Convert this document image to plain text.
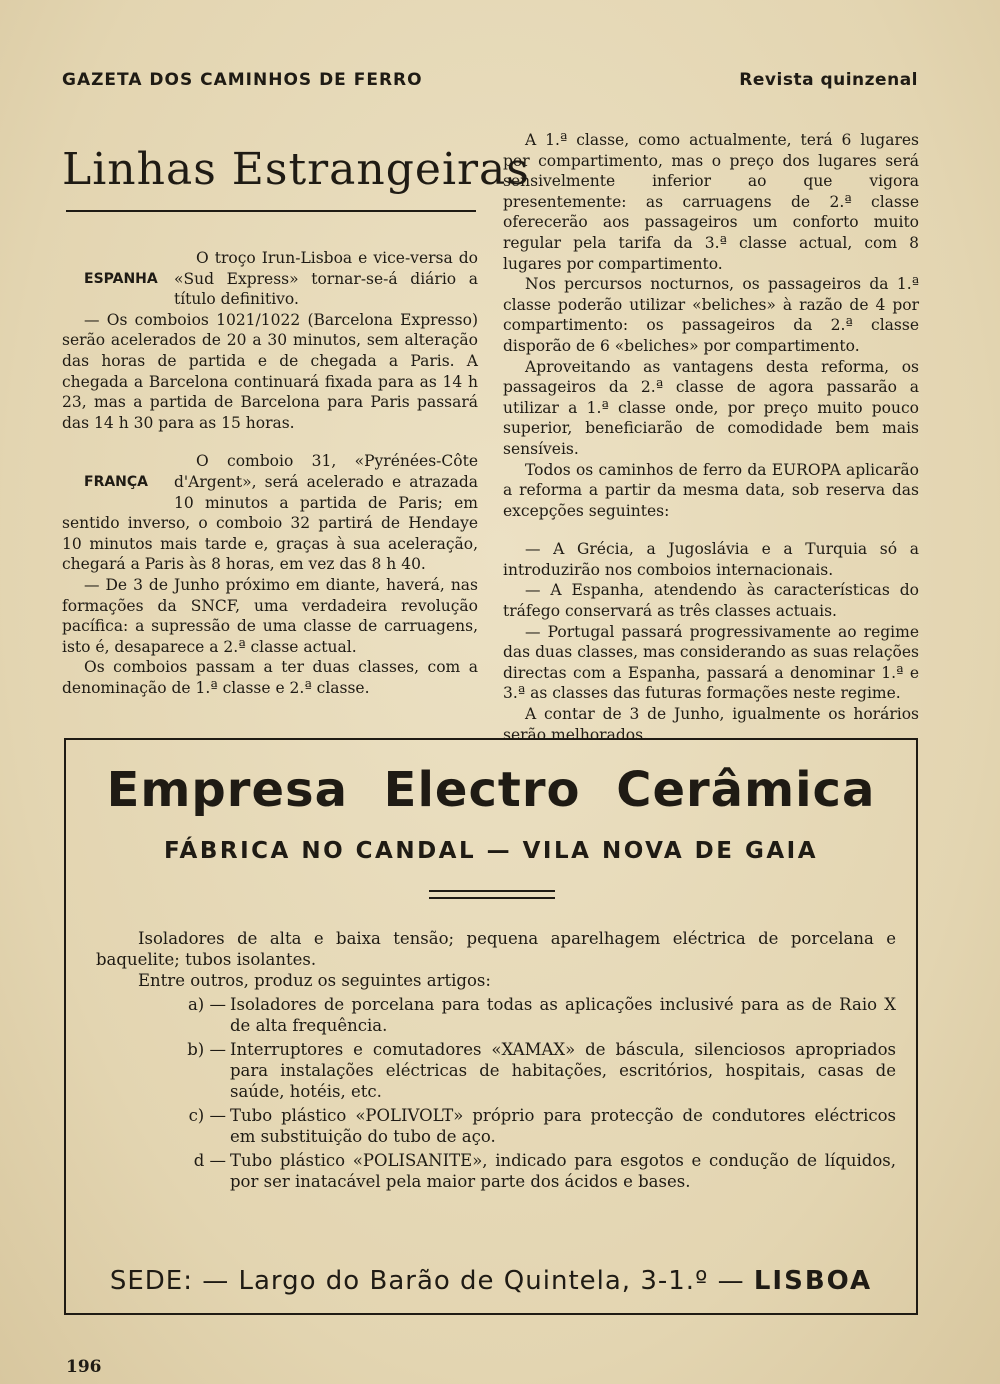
GAZETA DOS CAMINHOS DE FERRO	Revista quinzenal
Linhas Estrangeiras
ESPANHA

O troço Irun-Lisboa e vice-versa do «Sud Express» tornar-se-á diário a título definitivo.

— Os comboios 1021/1022 (Barcelona Expresso) serão acelerados de 20 a 30 minutos, sem alteração das horas de partida e de chegada a Paris. A chegada a Barcelona continuará fixada para as 14 h 23, mas a partida de Barcelona para Paris passará das 14 h 30 para as 15 horas.

FRANÇA

O comboio 31, «Pyrénées-Côte d'Argent», será acelerado e atrazada 10 minutos a partida de Paris; em sentido inverso, o comboio 32 partirá de Hendaye 10 minutos mais tarde e, graças à sua aceleração, chegará a Paris às 8 horas, em vez das 8 h 40.

— De 3 de Junho próximo em diante, haverá, nas formações da SNCF, uma verdadeira revolução pacífica: a supressão de uma classe de carruagens, isto é, desaparece a 2.ª classe actual.

Os comboios passam a ter duas classes, com a denominação de 1.ª classe e 2.ª classe.

A 1.ª classe, como actualmente, terá 6 lugares por compartimento, mas o preço dos lugares será sensivelmente inferior ao que vigora presentemente: as carruagens de 2.ª classe oferecerão aos passageiros um conforto muito regular pela tarifa da 3.ª classe actual, com 8 lugares por compartimento.

Nos percursos nocturnos, os passageiros da 1.ª classe poderão utilizar «beliches» à razão de 4 por compartimento: os passageiros da 2.ª classe disporão de 6 «beliches» por compartimento.

Aproveitando as vantagens desta reforma, os passageiros da 2.ª classe de agora passarão a utilizar a 1.ª classe onde, por preço muito pouco superior, beneficiarão de comodidade bem mais sensíveis.

Todos os caminhos de ferro da EUROPA aplicarão a reforma a partir da mesma data, sob reserva das excepções seguintes:

— A Grécia, a Jugoslávia e a Turquia só a introduzirão nos comboios internacionais.

— A Espanha, atendendo às características do tráfego conservará as três classes actuais.

— Portugal passará progressivamente ao regime das duas classes, mas considerando as suas relações directas com a Espanha, passará a denominar 1.ª e 3.ª as classes das futuras formações neste regime.

A contar de 3 de Junho, igualmente os horários serão melhorados.

Empresa Electro Cerâmica
FÁBRICA NO CANDAL — VILA NOVA DE GAIA

Isoladores de alta e baixa tensão; pequena aparelhagem eléctrica de porcelana e baquelite; tubos isolantes.

Entre outros, produz os seguintes artigos:

a) — Isoladores de porcelana para todas as aplicações inclusivé para as de Raio X de alta frequência.
b) — Interruptores e comutadores «XAMAX» de báscula, silenciosos apropriados para instalações eléctricas de habitações, escritórios, hospitais, casas de saúde, hotéis, etc.
c) — Tubo plástico «POLIVOLT» próprio para protecção de condutores eléctricos em substituição do tubo de aço.
d — Tubo plástico «POLISANITE», indicado para esgotos e condução de líquidos, por ser inatacável pela maior parte dos ácidos e bases.
SEDE: — Largo do Barão de Quintela, 3-1.º — LISBOA
196
